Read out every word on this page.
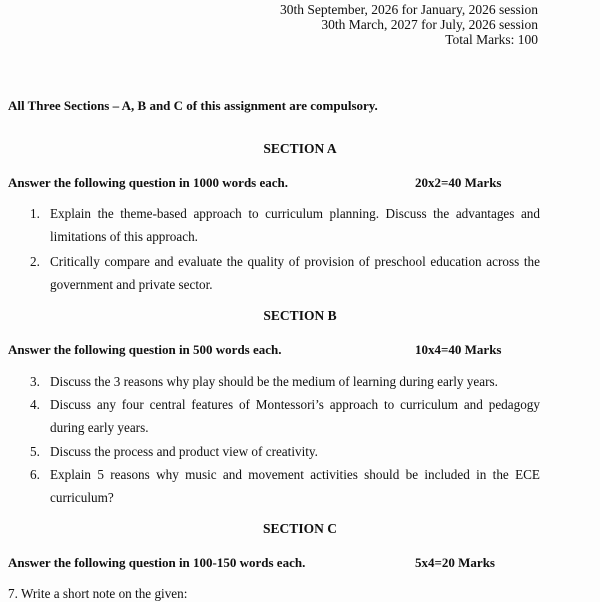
30th September, 2026 for January, 2026 session
30th March, 2027 for July, 2026 session
Total Marks: 100
All Three Sections – A, B and C of this assignment are compulsory.
SECTION A
Answer the following question in 1000 words each.	20x2=40 Marks
1. Explain the theme-based approach to curriculum planning. Discuss the advantages and limitations of this approach.
2. Critically compare and evaluate the quality of provision of preschool education across the government and private sector.
SECTION B
Answer the following question in 500 words each.	10x4=40 Marks
3. Discuss the 3 reasons why play should be the medium of learning during early years.
4. Discuss any four central features of Montessori’s approach to curriculum and pedagogy during early years.
5. Discuss the process and product view of creativity.
6. Explain 5 reasons why music and movement activities should be included in the ECE curriculum?
SECTION C
Answer the following question in 100-150 words each.	5x4=20 Marks
7. Write a short note on the given:
